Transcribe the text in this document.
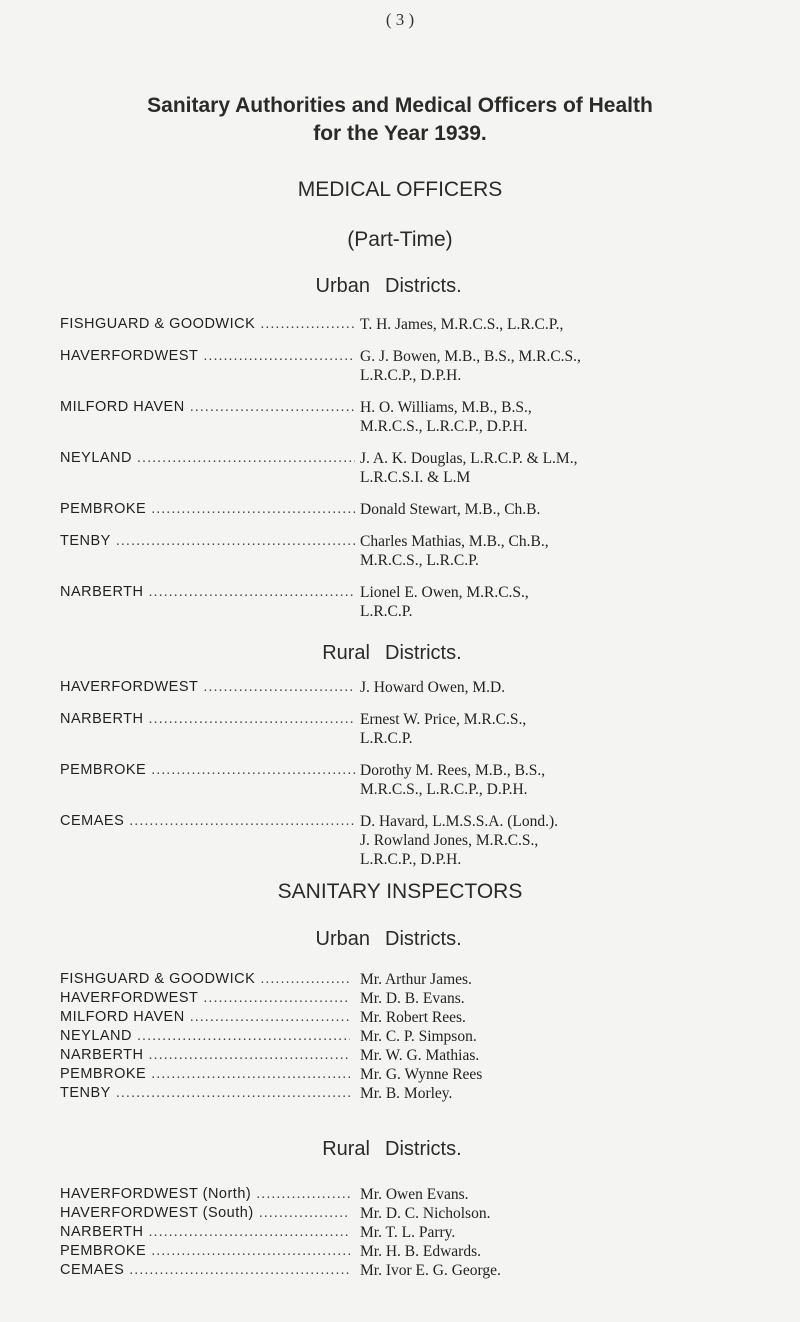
( 3 )
Sanitary Authorities and Medical Officers of Health
for the Year 1939.
MEDICAL OFFICERS
(Part-Time)
Urban Districts.
FISHGUARD & GOODWICK .....	T. H. James, M.R.C.S., L.R.C.P.,
HAVERFORDWEST .....	G. J. Bowen, M.B., B.S., M.R.C.S.,
L.R.C.P., D.P.H.
MILFORD HAVEN .....	H. O. Williams, M.B., B.S.,
M.R.C.S., L.R.C.P., D.P.H.
NEYLAND .....	J. A. K. Douglas, L.R.C.P. & L.M.,
L.R.C.S.I. & L.M
PEMBROKE .....	Donald Stewart, M.B., Ch.B.
TENBY .....	Charles Mathias, M.B., Ch.B.,
M.R.C.S., L.R.C.P.
NARBERTH .....	Lionel E. Owen, M.R.C.S.,
L.R.C.P.
Rural Districts.
HAVERFORDWEST .....	J. Howard Owen, M.D.
NARBERTH .....	Ernest W. Price, M.R.C.S.,
L.R.C.P.
PEMBROKE .....	Dorothy M. Rees, M.B., B.S.,
M.R.C.S., L.R.C.P., D.P.H.
CEMAES .....	D. Havard, L.M.S.S.A. (Lond.).
J. Rowland Jones, M.R.C.S.,
L.R.C.P., D.P.H.
SANITARY INSPECTORS
Urban Districts.
FISHGUARD & GOODWICK .....	Mr. Arthur James.
HAVERFORDWEST .....	Mr. D. B. Evans.
MILFORD HAVEN .....	Mr. Robert Rees.
NEYLAND .....	Mr. C. P. Simpson.
NARBERTH .....	Mr. W. G. Mathias.
PEMBROKE .....	Mr. G. Wynne Rees
TENBY .....	Mr. B. Morley.
Rural Districts.
HAVERFORDWEST (North) .....	Mr. Owen Evans.
HAVERFORDWEST (South) .....	Mr. D. C. Nicholson.
NARBERTH .....	Mr. T. L. Parry.
PEMBROKE .....	Mr. H. B. Edwards.
CEMAES .....	Mr. Ivor E. G. George.
